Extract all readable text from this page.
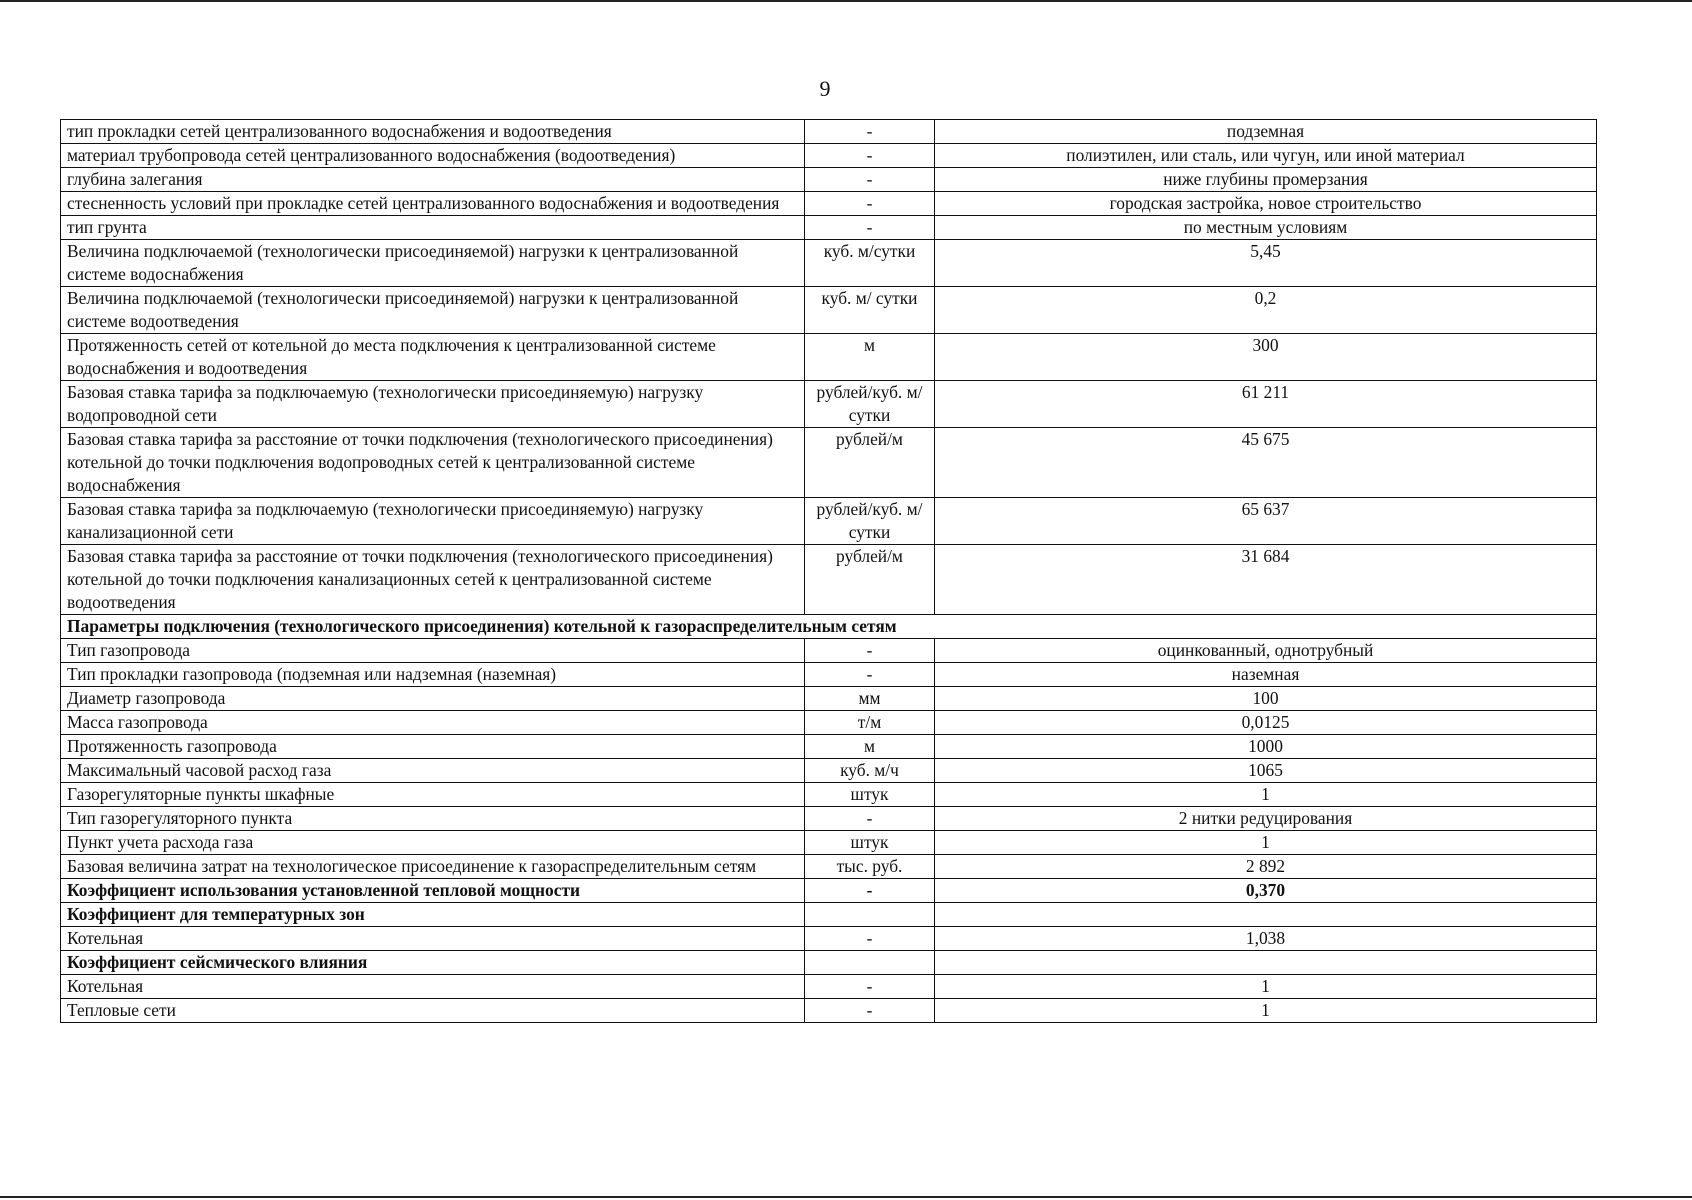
9
тип прокладки сетей централизованного водоснабжения и водоотведения	-	подземная
материал трубопровода сетей централизованного водоснабжения (водоотведения)	-	полиэтилен, или сталь, или чугун, или иной материал
глубина залегания	-	ниже глубины промерзания
стесненность условий при прокладке сетей централизованного водоснабжения и водоотведения	-	городская застройка, новое строительство
тип грунта	-	по местным условиям
Величина подключаемой (технологически присоединяемой) нагрузки к централизованной системе водоснабжения	куб. м/сутки	5,45
Величина подключаемой (технологически присоединяемой) нагрузки к централизованной системе водоотведения	куб. м/ сутки	0,2
Протяженность сетей от котельной до места подключения к централизованной системе водоснабжения и водоотведения	м	300
Базовая ставка тарифа за подключаемую (технологически присоединяемую) нагрузку водопроводной сети	рублей/куб. м/сутки	61 211
Базовая ставка тарифа за расстояние от точки подключения (технологического присоединения) котельной до точки подключения водопроводных сетей к централизованной системе водоснабжения	рублей/м	45 675
Базовая ставка тарифа за подключаемую (технологически присоединяемую) нагрузку канализационной сети	рублей/куб. м/сутки	65 637
Базовая ставка тарифа за расстояние от точки подключения (технологического присоединения) котельной до точки подключения канализационных сетей к централизованной системе водоотведения	рублей/м	31 684
Параметры подключения (технологического присоединения) котельной к газораспределительным сетям		
Тип газопровода	-	оцинкованный, однотрубный
Тип прокладки газопровода (подземная или надземная (наземная)	-	наземная
Диаметр газопровода	мм	100
Масса газопровода	т/м	0,0125
Протяженность газопровода	м	1000
Максимальный часовой расход газа	куб. м/ч	1065
Газорегуляторные пункты шкафные	штук	1
Тип газорегуляторного пункта	-	2 нитки редуцирования
Пункт учета расхода газа	штук	1
Базовая величина затрат на технологическое присоединение к газораспределительным сетям	тыс. руб.	2 892
Коэффициент использования установленной тепловой мощности	-	0,370
Коэффициент для температурных зон		
Котельная	-	1,038
Коэффициент сейсмического влияния		
Котельная	-	1
Тепловые сети	-	1
